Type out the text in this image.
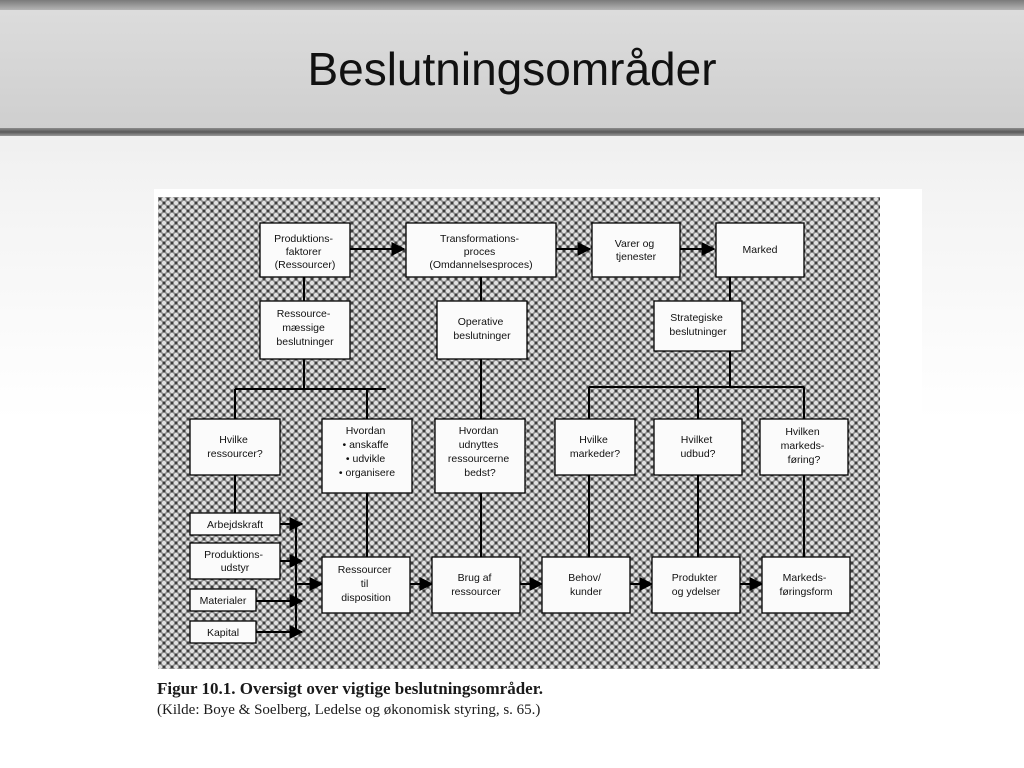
Beslutningsområder
Produktions- faktorer (Ressourcer)
Transformations- proces (Omdannelsesproces)
Varer og tjenester
Marked
Ressource- mæssige beslutninger
Operative beslutninger
Strategiske beslutninger
Hvilke ressourcer?
Hvordan • anskaffe • udvikle • organisere
Hvordan udnyttes ressourcerne bedst?
Hvilke markeder?
Hvilket udbud?
Hvilken markeds- føring?
Arbejdskraft
Produktions- udstyr
Materialer
Kapital
Ressourcer til disposition
Brug af ressourcer
Behov/ kunder
Produkter og ydelser
Markeds- føringsform
Figur 10.1. Oversigt over vigtige beslutningsområder.
(Kilde: Boye & Soelberg, Ledelse og økonomisk styring, s. 65.)
